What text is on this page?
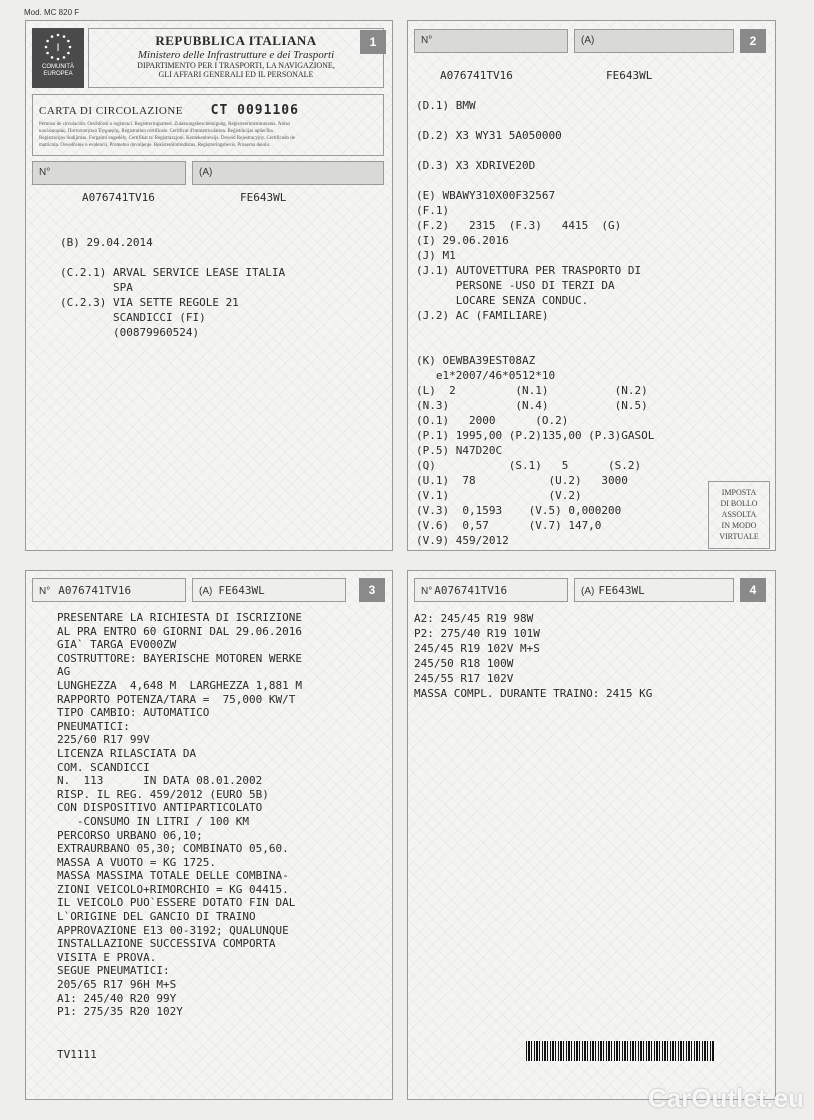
Mod. MC 820 F
I
COMUNITÀ EUROPEA
REPUBBLICA ITALIANA
Ministero delle Infrastrutture e dei Trasporti
DIPARTIMENTO PER I TRASPORTI, LA NAVIGAZIONE,
GLI AFFARI GENERALI ED IL PERSONALE
1
CARTA DI CIRCOLAZIONE CT 0091106
Permiso de circulación. Osvědčení o registraci. Registreringsattest. Zulassungsbescheinigung. Registreerimistunnistus. Άδεια
κυκλοφορίας. Πιστοποιητικό Έγγραφής. Registration certificate. Certificat d'immatriculation. Reģistrācijas apliecība.
Registracijos liudijimas. Forgalmi engedély. Certifikat ta' Registrazzjoni. Kentekenbewijs. Dowód Rejestracyjny. Certificado de
matrícula. Osvedčenie o evidencii. Prometno dovoljenje. Rekisteröintitodistus. Registreringsbevis. Proaerna deiulu.
N°	(A)
A076741TV16	FE643WL
(B) 29.04.2014

(C.2.1) ARVAL SERVICE LEASE ITALIA
SPA
(C.2.3) VIA SETTE REGOLE 21
SCANDICCI (FI)
(00879960524)
N°	(A)	2
A076741TV16	FE643WL
(D.1) BMW

(D.2) X3 WY31 5A050000

(D.3) X3 XDRIVE20D

(E) WBAWY310X00F32567
(F.1)
(F.2)   2315  (F.3)   4415  (G)
(I) 29.06.2016
(J) M1
(J.1) AUTOVETTURA PER TRASPORTO DI
PERSONE -USO DI TERZI DA
LOCARE SENZA CONDUC.
(J.2) AC (FAMILIARE)

(K) OEWBA39EST08AZ
e1*2007/46*0512*10
(L)  2         (N.1)          (N.2)
(N.3)          (N.4)          (N.5)
(O.1)   2000      (O.2)
(P.1) 1995,00 (P.2)135,00 (P.3)GASOL
(P.5) N47D20C
(Q)           (S.1)   5      (S.2)
(U.1)  78           (U.2)   3000
(V.1)               (V.2)
(V.3)  0,1593    (V.5) 0,000200
(V.6)  0,57      (V.7) 147,0
(V.9) 459/2012
IMPOSTA
DI BOLLO
ASSOLTA
IN MODO
VIRTUALE
N° A076741TV16	(A) FE643WL	3
PRESENTARE LA RICHIESTA DI ISCRIZIONE
AL PRA ENTRO 60 GIORNI DAL 29.06.2016
GIA` TARGA EV000ZW
COSTRUTTORE: BAYERISCHE MOTOREN WERKE
AG
LUNGHEZZA  4,648 M  LARGHEZZA 1,881 M
RAPPORTO POTENZA/TARA =  75,000 KW/T
TIPO CAMBIO: AUTOMATICO
PNEUMATICI:
225/60 R17 99V
LICENZA RILASCIATA DA
COM. SCANDICCI
N.  113      IN DATA 08.01.2002
RISP. IL REG. 459/2012 (EURO 5B)
CON DISPOSITIVO ANTIPARTICOLATO
-CONSUMO IN LITRI / 100 KM
PERCORSO URBANO 06,10;
EXTRAURBANO 05,30; COMBINATO 05,60.
MASSA A VUOTO = KG 1725.
MASSA MASSIMA TOTALE DELLE COMBINA-
ZIONI VEICOLO+RIMORCHIO = KG 04415.
IL VEICOLO PUO`ESSERE DOTATO FIN DAL
L`ORIGINE DEL GANCIO DI TRAINO
APPROVAZIONE E13 00-3192; QUALUNQUE
INSTALLAZIONE SUCCESSIVA COMPORTA
VISITA E PROVA.
SEGUE PNEUMATICI:
205/65 R17 96H M+S
A1: 245/40 R20 99Y
P1: 275/35 R20 102Y
TV1111
N° A076741TV16	(A) FE643WL	4
A2: 245/45 R19 98W
P2: 275/40 R19 101W
245/45 R19 102V M+S
245/50 R18 100W
245/55 R17 102V
MASSA COMPL. DURANTE TRAINO: 2415 KG
CarOutlet.eu
